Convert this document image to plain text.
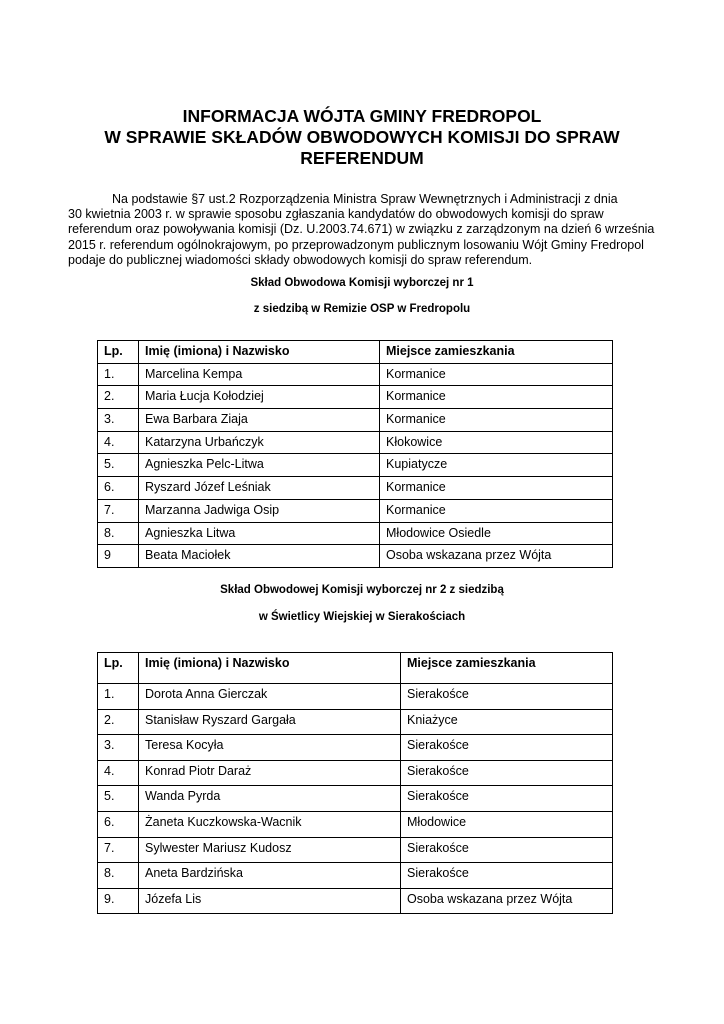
INFORMACJA WÓJTA GMINY FREDROPOL
W SPRAWIE SKŁADÓW OBWODOWYCH KOMISJI DO SPRAW
REFERENDUM
Na podstawie §7 ust.2 Rozporządzenia Ministra Spraw Wewnętrznych i Administracji z dnia
30 kwietnia 2003 r. w sprawie sposobu zgłaszania kandydatów do obwodowych komisji do spraw
referendum oraz powoływania komisji (Dz. U.2003.74.671) w związku z zarządzonym na dzień 6 września
2015 r. referendum ogólnokrajowym, po przeprowadzonym publicznym losowaniu Wójt Gminy Fredropol
podaje do publicznej wiadomości składy obwodowych komisji do spraw referendum.
Skład Obwodowa Komisji wyborczej nr 1
z siedzibą w Remizie OSP w Fredropolu
Lp.	Imię (imiona) i Nazwisko	Miejsce zamieszkania
1.	Marcelina Kempa	Kormanice
2.	Maria Łucja Kołodziej	Kormanice
3.	Ewa Barbara Ziaja	Kormanice
4.	Katarzyna Urbańczyk	Kłokowice
5.	Agnieszka Pelc-Litwa	Kupiatycze
6.	Ryszard Józef Leśniak	Kormanice
7.	Marzanna Jadwiga Osip	Kormanice
8.	Agnieszka Litwa	Młodowice Osiedle
9	Beata Maciołek	Osoba wskazana przez Wójta
Skład Obwodowej Komisji wyborczej nr 2 z siedzibą
w Świetlicy Wiejskiej w Sierakościach
Lp.	Imię (imiona) i Nazwisko	Miejsce zamieszkania
1.	Dorota Anna Gierczak	Sierakośce
2.	Stanisław Ryszard Gargała	Kniażyce
3.	Teresa Kocyła	Sierakośce
4.	Konrad Piotr Daraż	Sierakośce
5.	Wanda Pyrda	Sierakośce
6.	Żaneta Kuczkowska-Wacnik	Młodowice
7.	Sylwester Mariusz Kudosz	Sierakośce
8.	Aneta Bardzińska	Sierakośce
9.	Józefa Lis	Osoba wskazana przez Wójta
